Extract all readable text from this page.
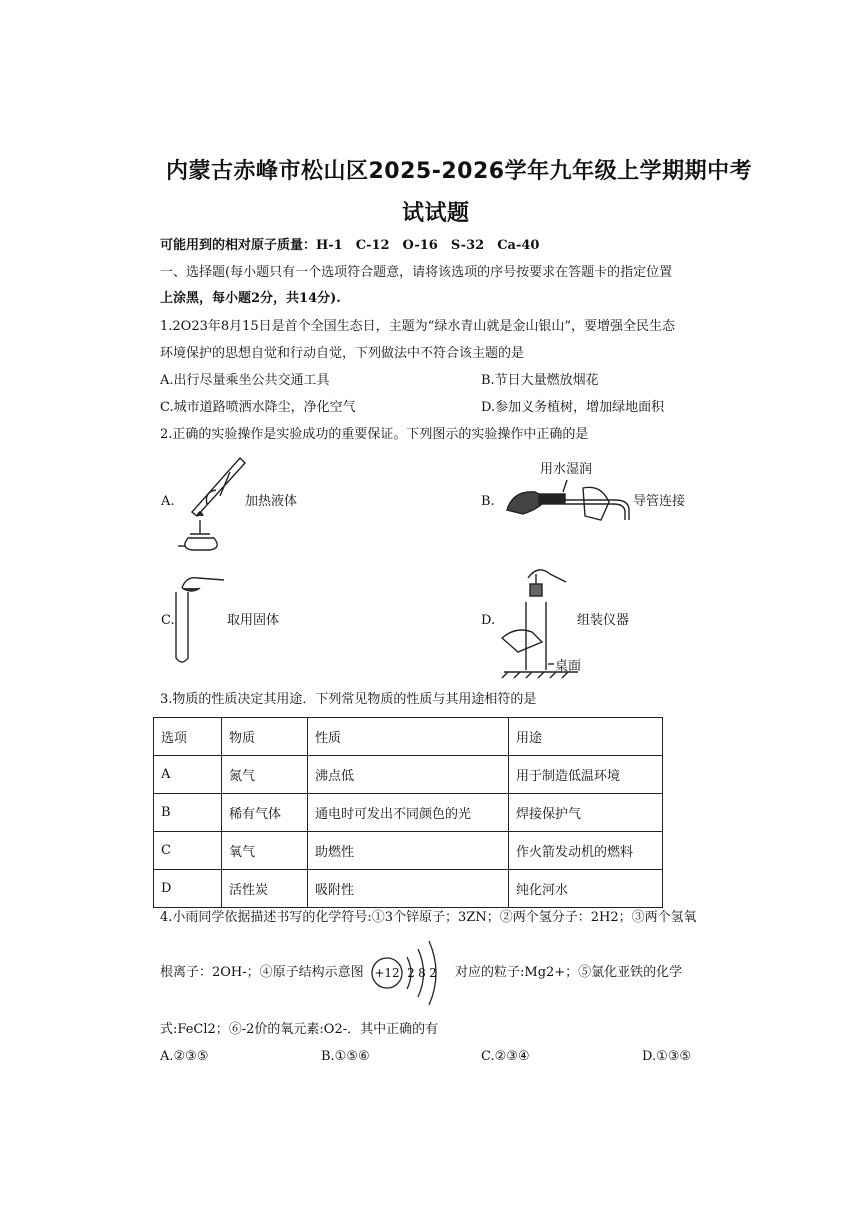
内蒙古赤峰市松山区2025-2026学年九年级上学期期中考
试试题
可能用到的相对原子质量：H-1　C-12　O-16　S-32　Ca-40
一、选择题(每小题只有一个选项符合题意，请将该选项的序号按要求在答题卡的指定位置
上涂黑，每小题2分，共14分).
1.2O23年8月15日是首个全国生态日，主题为“绿水青山就是金山银山”，要增强全民生态
环境保护的思想自觉和行动自觉，下列做法中不符合该主题的是
A.出行尽量乘坐公共交通工具	B.节日大量燃放烟花
C.城市道路喷洒水降尘，净化空气	D.参加义务植树，增加绿地面积
2.正确的实验操作是实验成功的重要保证。下列图示的实验操作中正确的是
A.	加热液体
用水湿润
B.	导管连接
C.	取用固体
桌面
D.	组装仪器
3.物质的性质决定其用途．下列常见物质的性质与其用途相符的是
选项	物质	性质	用途
A	氮气	沸点低	用于制造低温环境
B	稀有气体	通电时可发出不同颜色的光	焊接保护气
C	氧气	助燃性	作火箭发动机的燃料
D	活性炭	吸附性	纯化河水
4.小雨同学依据描述书写的化学符号:①3个锌原子；3ZN；②两个氢分子：2H2；③两个氢氧
根离子：2OH-；④原子结构示意图 +12 2 8 2 对应的粒子:Mg2+；⑤氯化亚铁的化学
式:FeCl2；⑥-2价的氧元素:O2-．其中正确的有
A.②③⑤	B.①⑤⑥	C.②③④	D.①③⑤
